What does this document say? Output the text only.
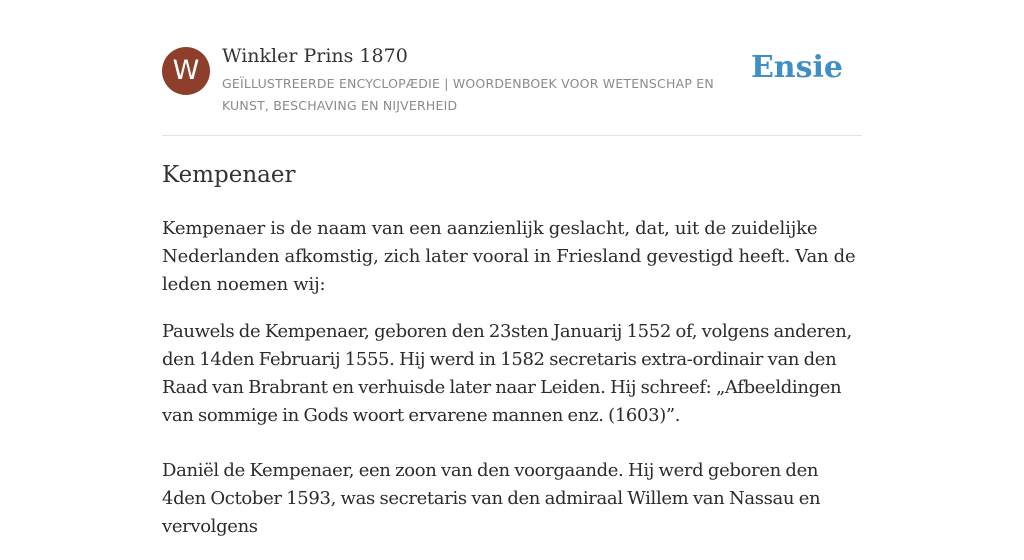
W	Winkler Prins 1870
GEÏLLUSTREERDE ENCYCLOPÆDIE | WOORDENBOEK VOOR WETENSCHAP EN KUNST, BESCHAVING EN NIJVERHEID
Ensie
Kempenaer

Kempenaer is de naam van een aanzienlijk geslacht, dat, uit de zuidelijke Nederlanden afkomstig, zich later vooral in Friesland gevestigd heeft. Van de leden noemen wij:

Pauwels de Kempenaer, geboren den 23sten Januarij 1552 of, volgens anderen, den 14den Februarij 1555. Hij werd in 1582 secretaris extra-ordinair van den Raad van Brabrant en verhuisde later naar Leiden. Hij schreef: „Afbeeldingen van sommige in Gods woort ervarene mannen enz. (1603)”.

Daniël de Kempenaer, een zoon van den voorgaande. Hij werd geboren den 4den October 1593, was secretaris van den admiraal Willem van Nassau en vervolgens
